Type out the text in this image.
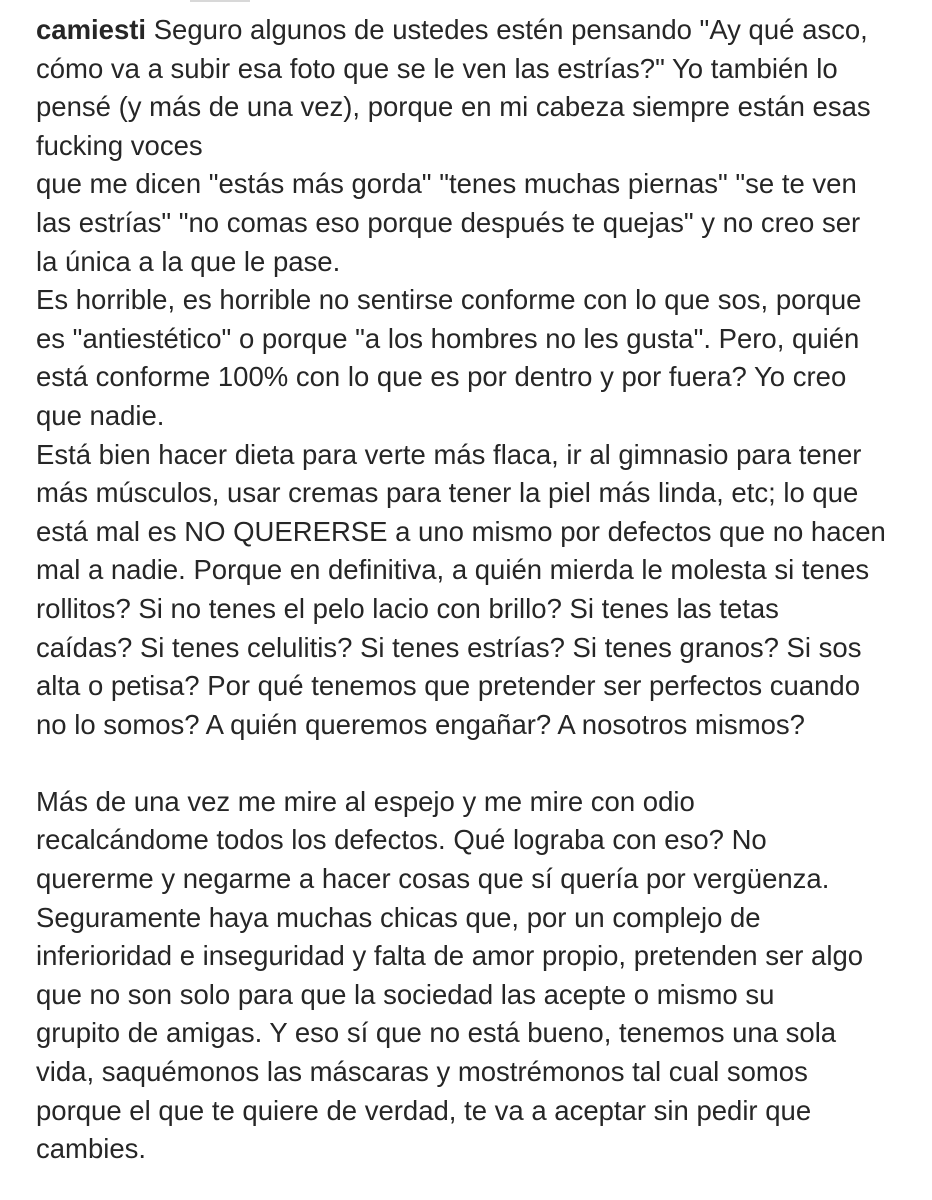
camiesti Seguro algunos de ustedes estén pensando "Ay qué asco,
cómo va a subir esa foto que se le ven las estrías?" Yo también lo
pensé (y más de una vez), porque en mi cabeza siempre están esas
fucking voces
que me dicen "estás más gorda" "tenes muchas piernas" "se te ven
las estrías" "no comas eso porque después te quejas" y no creo ser
la única a la que le pase.
Es horrible, es horrible no sentirse conforme con lo que sos, porque
es "antiestético" o porque "a los hombres no les gusta". Pero, quién
está conforme 100% con lo que es por dentro y por fuera? Yo creo
que nadie.
Está bien hacer dieta para verte más flaca, ir al gimnasio para tener
más músculos, usar cremas para tener la piel más linda, etc; lo que
está mal es NO QUERERSE a uno mismo por defectos que no hacen
mal a nadie. Porque en definitiva, a quién mierda le molesta si tenes
rollitos? Si no tenes el pelo lacio con brillo? Si tenes las tetas
caídas? Si tenes celulitis? Si tenes estrías? Si tenes granos? Si sos
alta o petisa? Por qué tenemos que pretender ser perfectos cuando
no lo somos? A quién queremos engañar? A nosotros mismos?
Más de una vez me mire al espejo y me mire con odio
recalcándome todos los defectos. Qué lograba con eso? No
quererme y negarme a hacer cosas que sí quería por vergüenza.
Seguramente haya muchas chicas que, por un complejo de
inferioridad e inseguridad y falta de amor propio, pretenden ser algo
que no son solo para que la sociedad las acepte o mismo su
grupito de amigas. Y eso sí que no está bueno, tenemos una sola
vida, saquémonos las máscaras y mostrémonos tal cual somos
porque el que te quiere de verdad, te va a aceptar sin pedir que
cambies.
